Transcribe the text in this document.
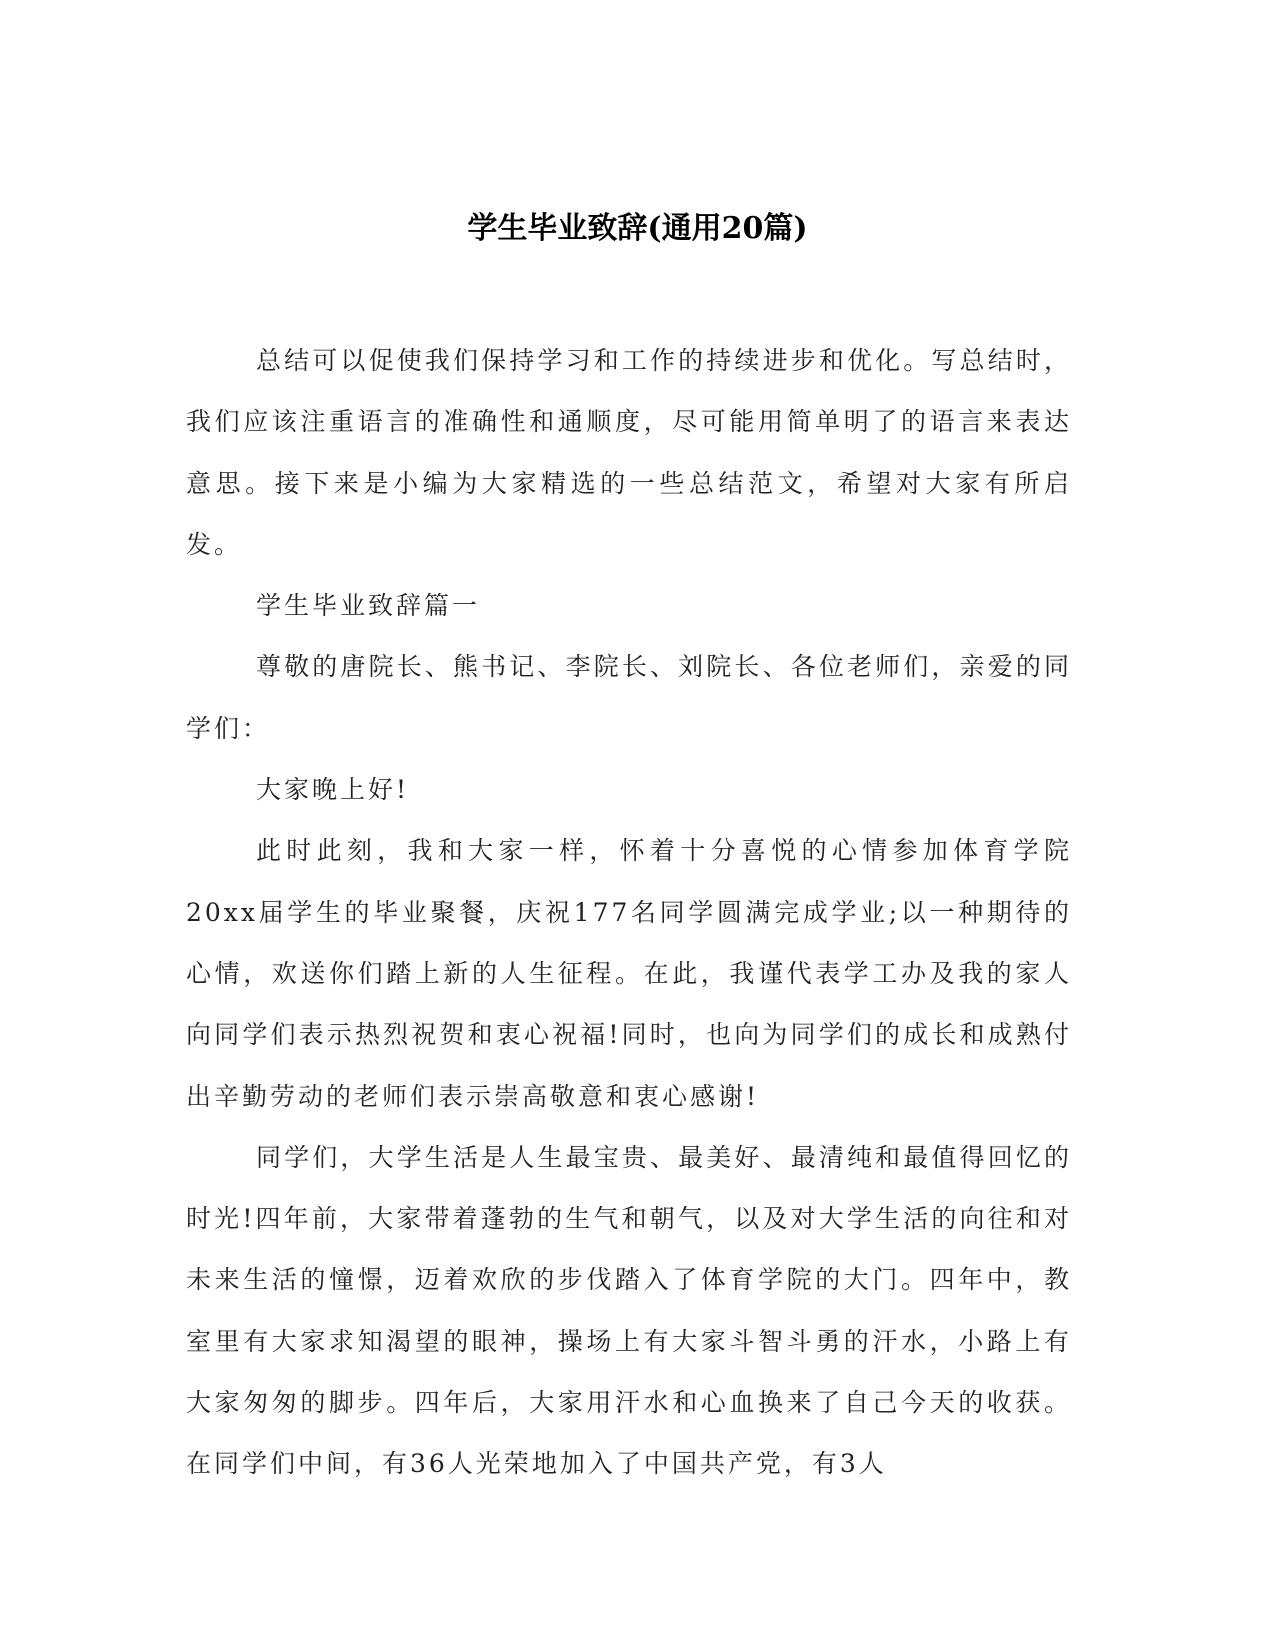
学生毕业致辞(通用20篇)

总结可以促使我们保持学习和工作的持续进步和优化。写总结时，我们应该注重语言的准确性和通顺度，尽可能用简单明了的语言来表达意思。接下来是小编为大家精选的一些总结范文，希望对大家有所启发。

学生毕业致辞篇一

尊敬的唐院长、熊书记、李院长、刘院长、各位老师们，亲爱的同学们：

大家晚上好!

此时此刻，我和大家一样，怀着十分喜悦的心情参加体育学院20xx届学生的毕业聚餐，庆祝177名同学圆满完成学业;以一种期待的心情，欢送你们踏上新的人生征程。在此，我谨代表学工办及我的家人向同学们表示热烈祝贺和衷心祝福!同时，也向为同学们的成长和成熟付出辛勤劳动的老师们表示崇高敬意和衷心感谢!

同学们，大学生活是人生最宝贵、最美好、最清纯和最值得回忆的时光!四年前，大家带着蓬勃的生气和朝气，以及对大学生活的向往和对未来生活的憧憬，迈着欢欣的步伐踏入了体育学院的大门。四年中，教室里有大家求知渴望的眼神，操场上有大家斗智斗勇的汗水，小路上有大家匆匆的脚步。四年后，大家用汗水和心血换来了自己今天的收获。在同学们中间，有36人光荣地加入了中国共产党，有3人
